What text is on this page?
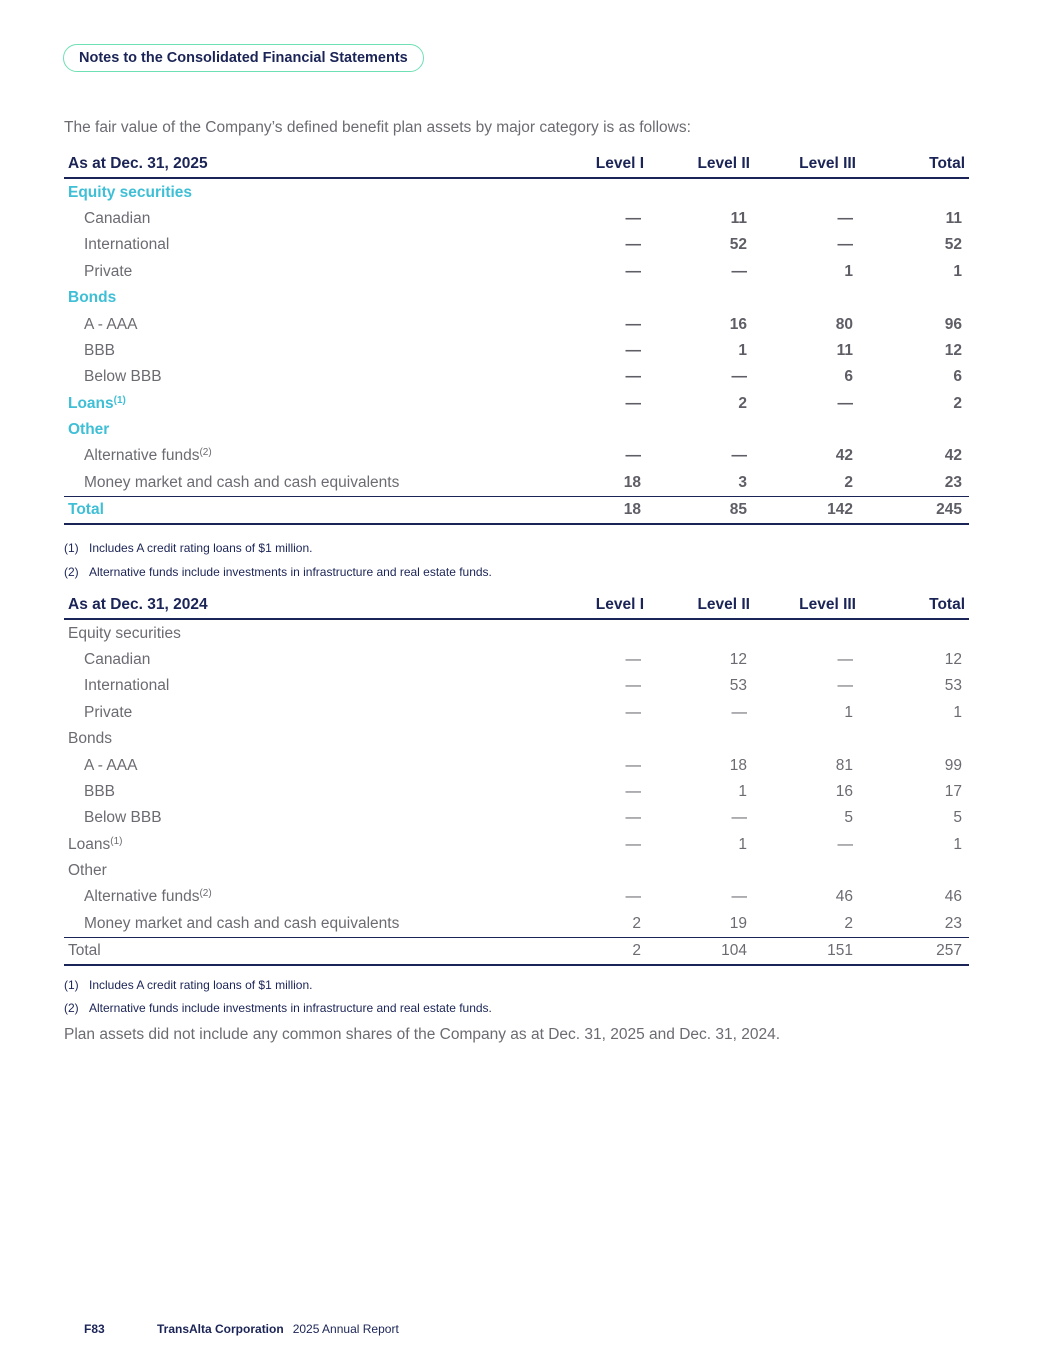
Notes to the Consolidated Financial Statements
The fair value of the Company’s defined benefit plan assets by major category is as follows:
As at Dec. 31, 2025	Level I	Level II	Level III	Total
Equity securities				
Canadian	—	11	—	11
International	—	52	—	52
Private	—	—	1	1
Bonds				
A - AAA	—	16	80	96
BBB	—	1	11	12
Below BBB	—	—	6	6
Loans$^{(1)}$	—	2	—	2
Other				
Alternative funds$^{(2)}$	—	—	42	42
Money market and cash and cash equivalents	18	3	2	23
Total	18	85	142	245
(1) Includes A credit rating loans of $1 million.
(2) Alternative funds include investments in infrastructure and real estate funds.
As at Dec. 31, 2024	Level I	Level II	Level III	Total
Equity securities				
Canadian	—	12	—	12
International	—	53	—	53
Private	—	—	1	1
Bonds				
A - AAA	—	18	81	99
BBB	—	1	16	17
Below BBB	—	—	5	5
Loans$^{(1)}$	—	1	—	1
Other				
Alternative funds$^{(2)}$	—	—	46	46
Money market and cash and cash equivalents	2	19	2	23
Total	2	104	151	257
(1) Includes A credit rating loans of $1 million.
(2) Alternative funds include investments in infrastructure and real estate funds.
Plan assets did not include any common shares of the Company as at Dec. 31, 2025 and Dec. 31, 2024.
F83	TransAlta Corporation 2025 Annual Report
